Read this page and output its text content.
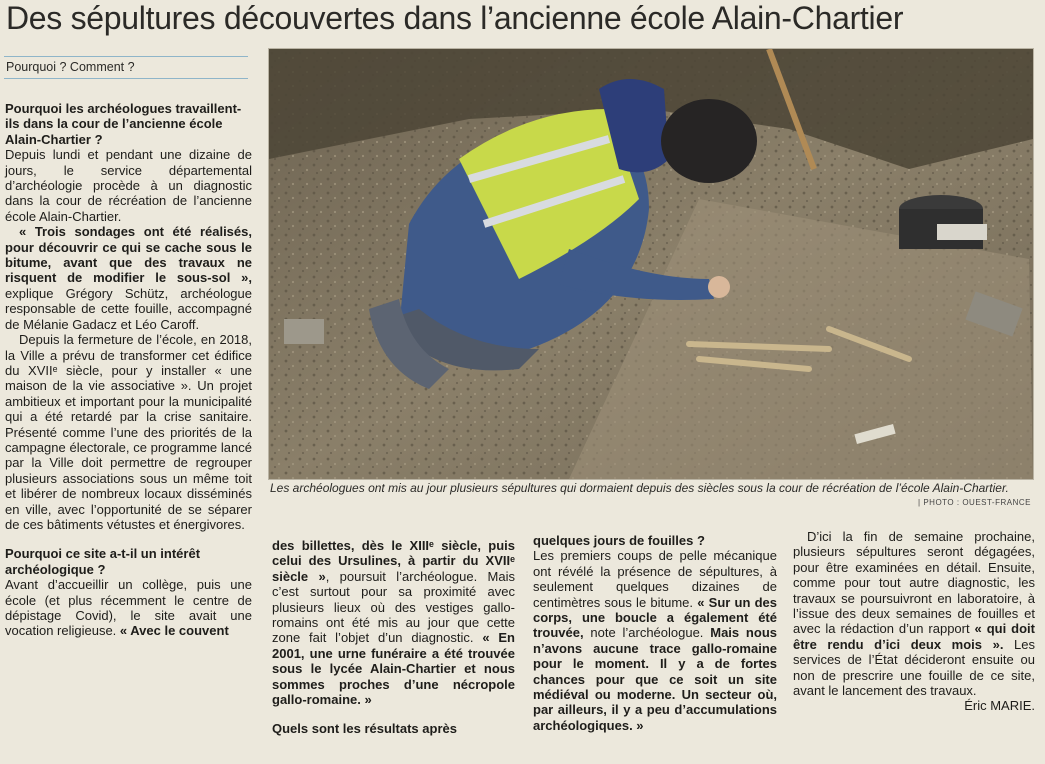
Des sépultures découvertes dans l’ancienne école Alain-Chartier
Pourquoi ? Comment ?

Pourquoi les archéologues travaillent-ils dans la cour de l’ancienne école Alain-Chartier ?

Depuis lundi et pendant une dizaine de jours, le service départemental d’archéologie procède à un diagnostic dans la cour de récréation de l’ancienne école Alain-Chartier.

« Trois sondages ont été réalisés, pour découvrir ce qui se cache sous le bitume, avant que des travaux ne risquent de modifier le sous-sol », explique Grégory Schütz, archéologue responsable de cette fouille, accompagné de Mélanie Gadacz et Léo Caroff.

Depuis la fermeture de l’école, en 2018, la Ville a prévu de transformer cet édifice du XVIIᵉ siècle, pour y installer « une maison de la vie associative ». Un projet ambitieux et important pour la municipalité qui a été retardé par la crise sanitaire. Présenté comme l’une des priorités de la campagne électorale, ce programme lancé par la Ville doit permettre de regrouper plusieurs associations sous un même toit et libérer de nombreux locaux disséminés en ville, avec l’opportunité de se séparer de ces bâtiments vétustes et énergivores.

Pourquoi ce site a-t-il un intérêt archéologique ?

Avant d’accueillir un collège, puis une école (et plus récemment le centre de dépistage Covid), le site avait une vocation religieuse. « Avec le couvent

Les archéologues ont mis au jour plusieurs sépultures qui dormaient depuis des siècles sous la cour de récréation de l’école Alain-Chartier.
| PHOTO : OUEST-FRANCE

des billettes, dès le XIIIᵉ siècle, puis celui des Ursulines, à partir du XVIIᵉ siècle », poursuit l’archéologue. Mais c’est surtout pour sa proximité avec plusieurs lieux où des vestiges gallo-romains ont été mis au jour que cette zone fait l’objet d’un diagnostic. « En 2001, une urne funéraire a été trouvée sous le lycée Alain-Chartier et nous sommes proches d’une nécropole gallo-romaine. »

Quels sont les résultats après

quelques jours de fouilles ?

Les premiers coups de pelle mécanique ont révélé la présence de sépultures, à seulement quelques dizaines de centimètres sous le bitume. « Sur un des corps, une boucle a également été trouvée, note l’archéologue. Mais nous n’avons aucune trace gallo-romaine pour le moment. Il y a de fortes chances pour que ce soit un site médiéval ou moderne. Un secteur où, par ailleurs, il y a peu d’accumulations archéologiques. »

D’ici la fin de semaine prochaine, plusieurs sépultures seront dégagées, pour être examinées en détail. Ensuite, comme pour tout autre diagnostic, les travaux se poursuivront en laboratoire, à l’issue des deux semaines de fouilles et avec la rédaction d’un rapport « qui doit être rendu d’ici deux mois ». Les services de l’État décideront ensuite ou non de prescrire une fouille de ce site, avant le lancement des travaux.

Éric MARIE.
